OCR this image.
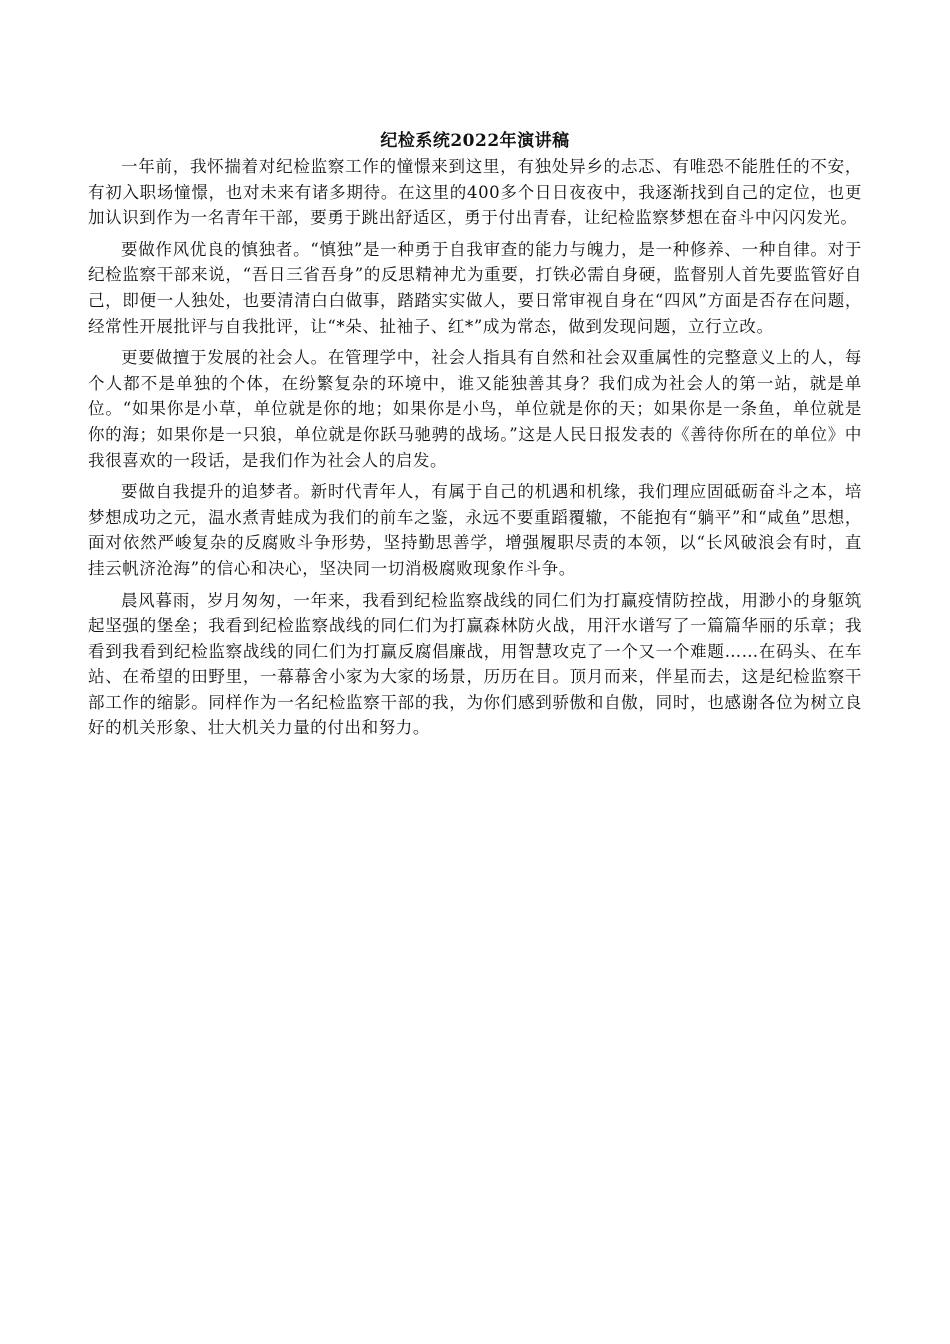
纪检系统2022年演讲稿

一年前，我怀揣着对纪检监察工作的憧憬来到这里，有独处异乡的忐忑、有唯恐不能胜任的不安，有初入职场憧憬，也对未来有诸多期待。在这里的400多个日日夜夜中，我逐渐找到自己的定位，也更加认识到作为一名青年干部，要勇于跳出舒适区，勇于付出青春，让纪检监察梦想在奋斗中闪闪发光。

要做作风优良的慎独者。“慎独”是一种勇于自我审查的能力与魄力，是一种修养、一种自律。对于纪检监察干部来说，“吾日三省吾身”的反思精神尤为重要，打铁必需自身硬，监督别人首先要监管好自己，即便一人独处，也要清清白白做事，踏踏实实做人，要日常审视自身在“四风”方面是否存在问题，经常性开展批评与自我批评，让“*朵、扯袖子、红*”成为常态，做到发现问题，立行立改。

更要做擅于发展的社会人。在管理学中，社会人指具有自然和社会双重属性的完整意义上的人，每个人都不是单独的个体，在纷繁复杂的环境中，谁又能独善其身？我们成为社会人的第一站，就是单位。“如果你是小草，单位就是你的地；如果你是小鸟，单位就是你的天；如果你是一条鱼，单位就是你的海；如果你是一只狼，单位就是你跃马驰骋的战场。”这是人民日报发表的《善待你所在的单位》中我很喜欢的一段话，是我们作为社会人的启发。

要做自我提升的追梦者。新时代青年人，有属于自己的机遇和机缘，我们理应固砥砺奋斗之本，培梦想成功之元，温水煮青蛙成为我们的前车之鉴，永远不要重蹈覆辙，不能抱有“躺平”和“咸鱼”思想，面对依然严峻复杂的反腐败斗争形势，坚持勤思善学，增强履职尽责的本领，以“长风破浪会有时，直挂云帆济沧海”的信心和决心，坚决同一切消极腐败现象作斗争。

晨风暮雨，岁月匆匆，一年来，我看到纪检监察战线的同仁们为打赢疫情防控战，用渺小的身躯筑起坚强的堡垒；我看到纪检监察战线的同仁们为打赢森林防火战，用汗水谱写了一篇篇华丽的乐章；我看到我看到纪检监察战线的同仁们为打赢反腐倡廉战，用智慧攻克了一个又一个难题……在码头、在车站、在希望的田野里，一幕幕舍小家为大家的场景，历历在目。顶月而来，伴星而去，这是纪检监察干部工作的缩影。同样作为一名纪检监察干部的我，为你们感到骄傲和自傲，同时，也感谢各位为树立良好的机关形象、壮大机关力量的付出和努力。
